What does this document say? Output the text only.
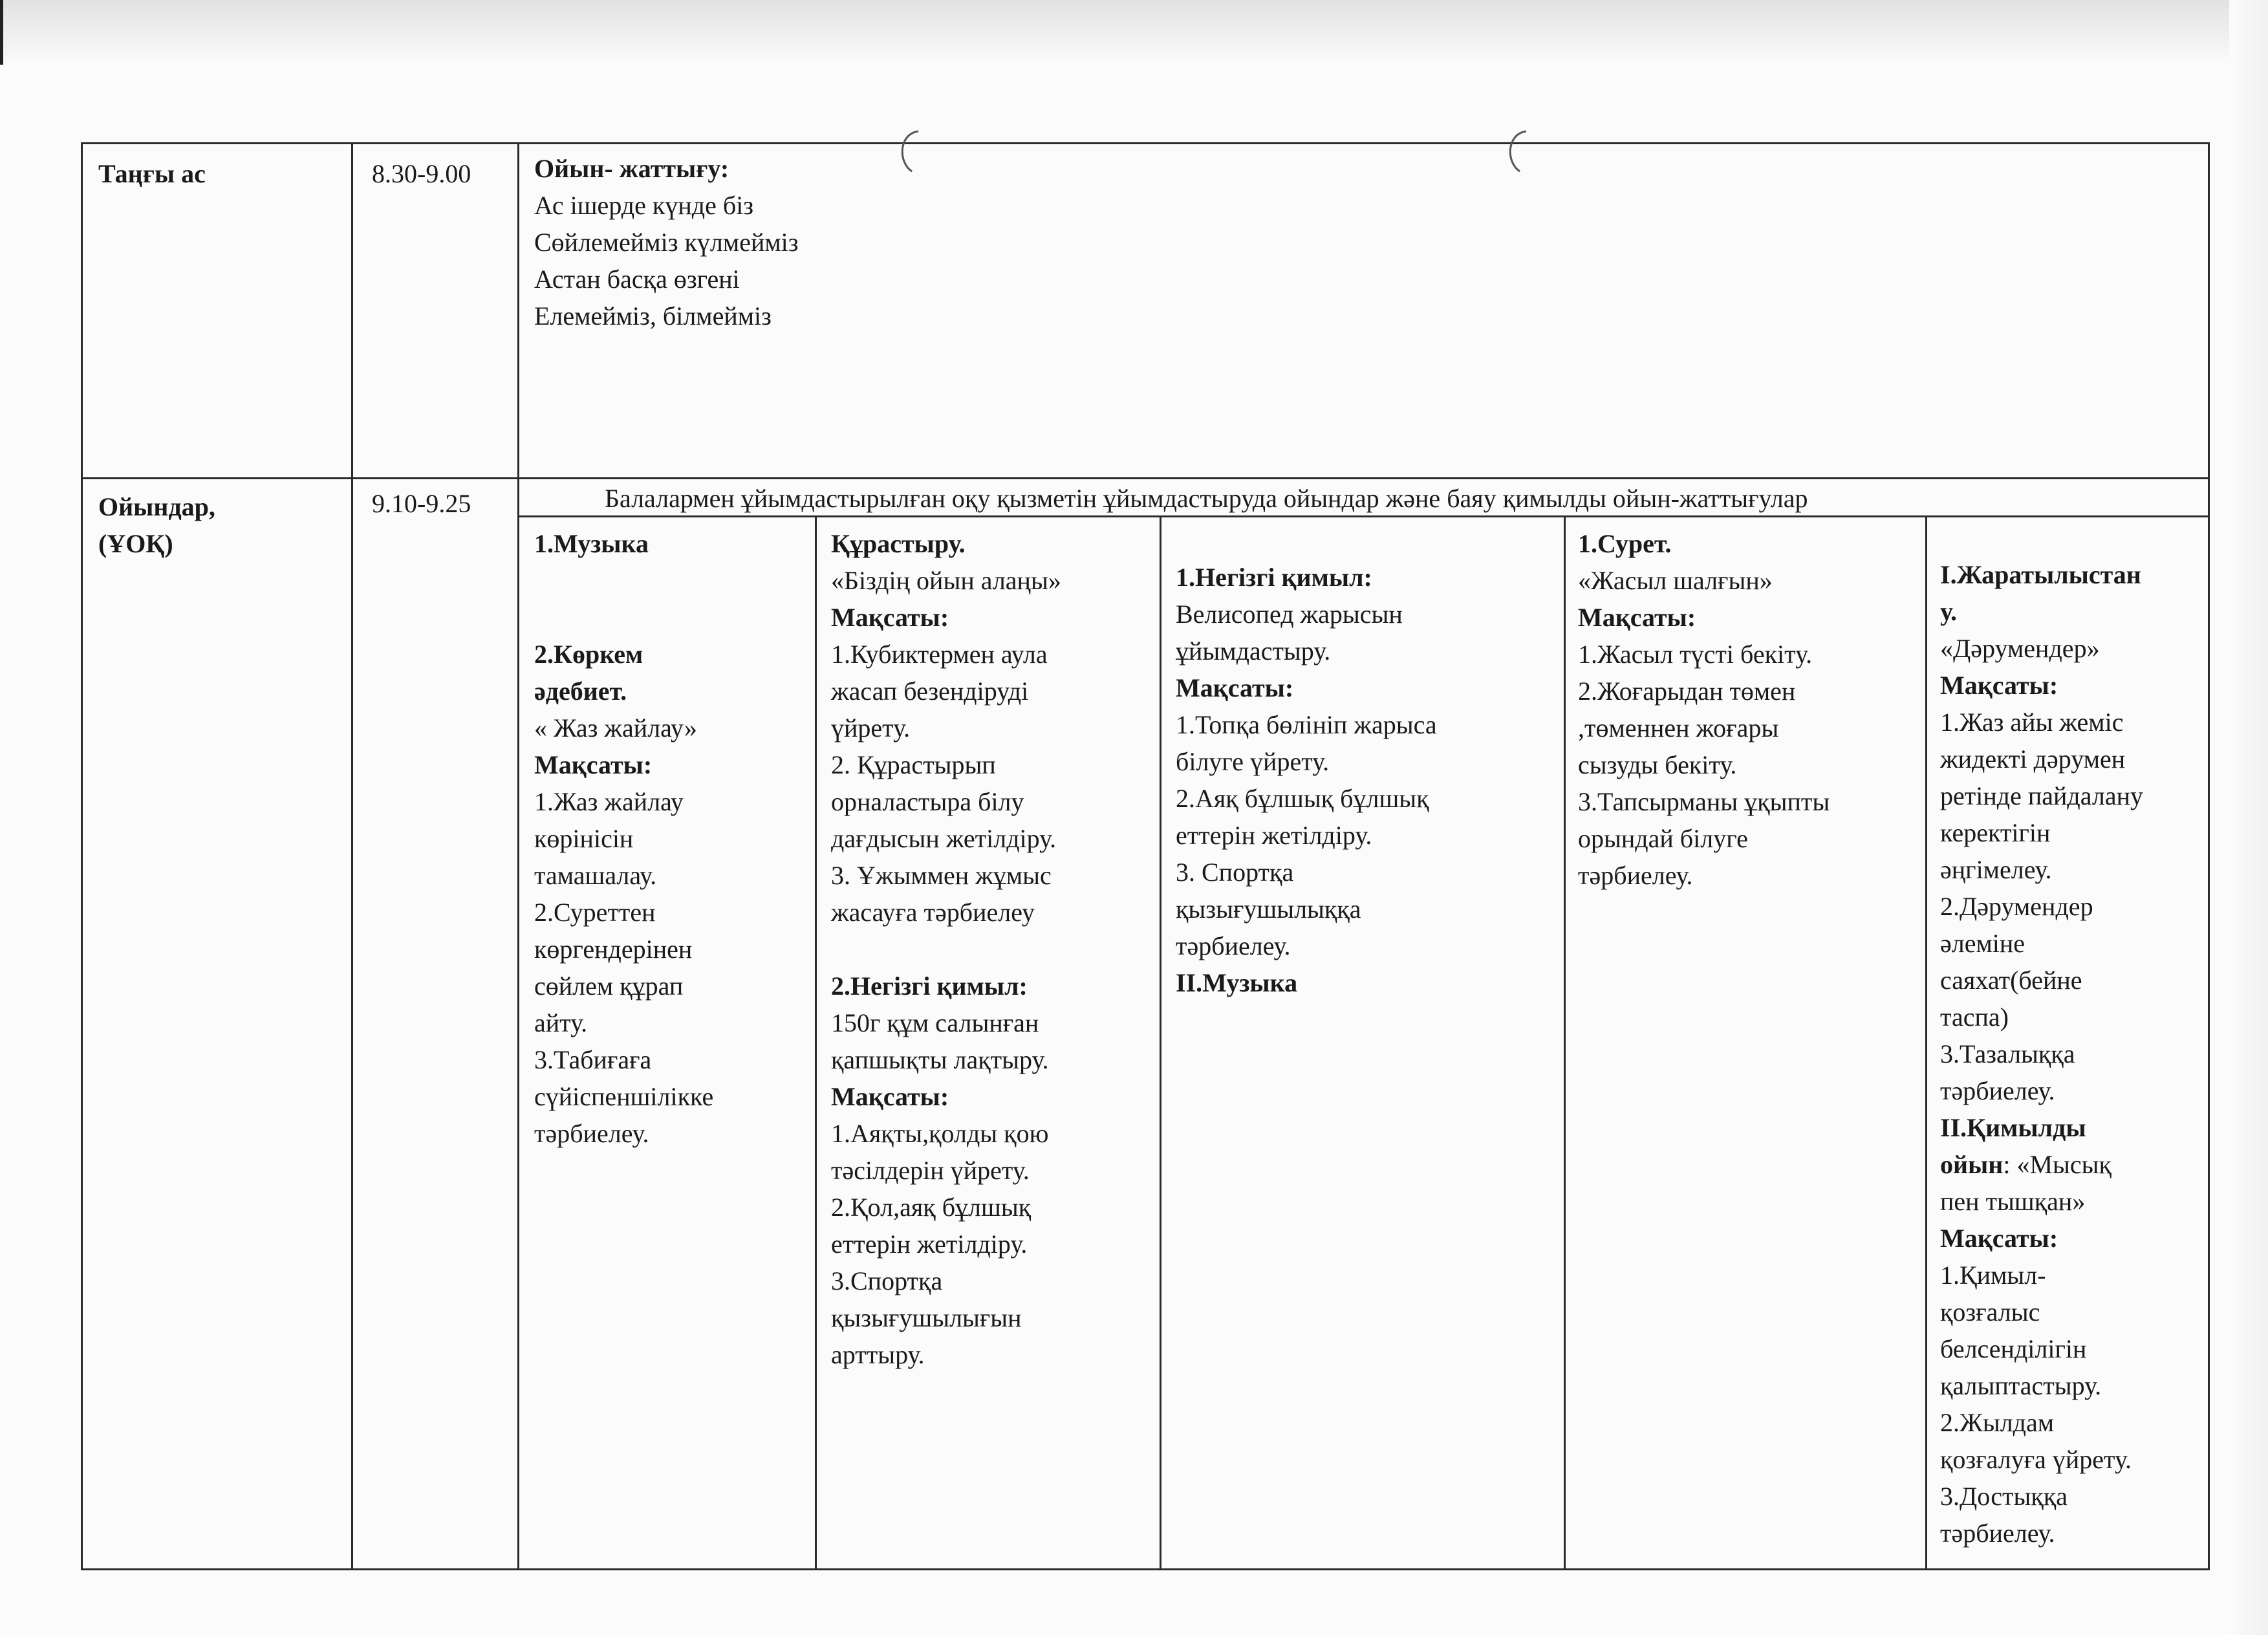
Таңғы ас	8.30-9.00 Ойын- жаттығу:
Ас ішерде күнде біз
Сөйлемейміз күлмейміз
Астан басқа өзгені
Елемейміз, білмейміз
Ойындар,
(ҰОҚ)
9.10-9.25	Балалармен ұйымдастырылған оқу қызметін ұйымдастыруда ойындар және баяу қимылды ойын-жаттығулар
1.Музыка
2.Көркем
әдебиет.
« Жаз жайлау»
Мақсаты:
1.Жаз жайлау
көрінісін
тамашалау.
2.Суреттен
көргендерінен
сөйлем құрап
айту.
3.Табиғаға
сүйіспеншілікке
тәрбиелеу.
Құрастыру.
«Біздің ойын алаңы»
Мақсаты:
1.Кубиктермен аула
жасап безендіруді
үйрету.
2. Құрастырып
орналастыра білу
дағдысын жетілдіру.
3. Ұжыммен жұмыс
жасауға тәрбиелеу
2.Негізгі қимыл:
150г құм салынған
қапшықты лақтыру.
Мақсаты:
1.Аяқты,қолды қою
тәсілдерін үйрету.
2.Қол,аяқ бұлшық
еттерін жетілдіру.
3.Спортқа
қызығушылығын
арттыру.
1.Негізгі қимыл:
Велисопед жарысын
ұйымдастыру.
Мақсаты:
1.Топқа бөлініп жарыса
білуге үйрету.
2.Аяқ бұлшық бұлшық
еттерін жетілдіру.
3. Спортқа
қызығушылыққа
тәрбиелеу.
ІІ.Музыка
1.Сурет.
«Жасыл шалғын»
Мақсаты:
1.Жасыл түсті бекіту.
2.Жоғарыдан төмен
,төменнен жоғары
сызуды бекіту.
3.Тапсырманы ұқыпты
орындай білуге
тәрбиелеу.
І.Жаратылыстан
у.
«Дәрумендер»
Мақсаты:
1.Жаз айы жеміс
жидекті дәрумен
ретінде пайдалану
керектігін
әңгімелеу.
2.Дәрумендер
әлеміне
саяхат(бейне
таспа)
3.Тазалыққа
тәрбиелеу.
ІІ.Қимылды
ойын: «Мысық
пен тышқан»
Мақсаты:
1.Қимыл-
қозғалыс
белсенділігін
қалыптастыру.
2.Жылдам
қозғалуға үйрету.
3.Достыққа
тәрбиелеу.
